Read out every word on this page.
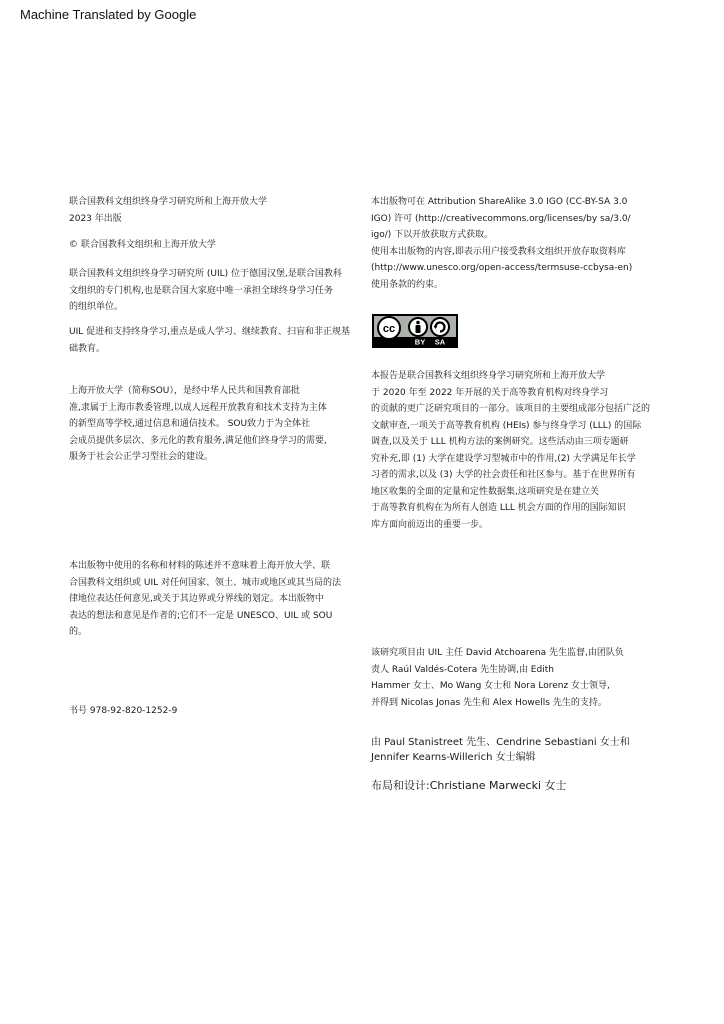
Machine Translated by Google
联合国教科文组织终身学习研究所和上海开放大学
2023 年出版
© 联合国教科文组织和上海开放大学
联合国教科文组织终身学习研究所 (UIL) 位于德国汉堡,是联合国教科
文组织的专门机构,也是联合国大家庭中唯一承担全球终身学习任务
的组织单位。
UIL 促进和支持终身学习,重点是成人学习、继续教育、扫盲和非正规基
础教育。
上海开放大学（简称SOU），是经中华人民共和国教育部批
准,隶属于上海市教委管理,以成人远程开放教育和技术支持为主体
的新型高等学校,通过信息和通信技术。 SOU致力于为全体社
会成员提供多层次、多元化的教育服务,满足他们终身学习的需要,
服务于社会公正学习型社会的建设。
本出版物中使用的名称和材料的陈述并不意味着上海开放大学、联
合国教科文组织或 UIL 对任何国家、领土、城市或地区或其当局的法
律地位表达任何意见,或关于其边界或分界线的划定。本出版物中
表达的想法和意见是作者的;它们不一定是 UNESCO、UIL 或 SOU
的。
书号 978-92-820-1252-9
本出版物可在 Attribution ShareAlike 3.0 IGO (CC-BY-SA 3.0
IGO) 许可 (http://creativecommons.org/licenses/by sa/3.0/
igo/) 下以开放获取方式获取。
使用本出版物的内容,即表示用户接受教科文组织开放存取资料库
(http://www.unesco.org/open-access/termsuse-ccbysa-en)
使用条款的约束。
cc
BY SA
本报告是联合国教科文组织终身学习研究所和上海开放大学
于 2020 年至 2022 年开展的关于高等教育机构对终身学习
的贡献的更广泛研究项目的一部分。该项目的主要组成部分包括广泛的
文献审查,一项关于高等教育机构 (HEIs) 参与终身学习 (LLL) 的国际
调查,以及关于 LLL 机构方法的案例研究。这些活动由三项专题研
究补充,即 (1) 大学在建设学习型城市中的作用,(2) 大学满足年长学
习者的需求,以及 (3) 大学的社会责任和社区参与。基于在世界所有
地区收集的全面的定量和定性数据集,这项研究是在建立关
于高等教育机构在为所有人创造 LLL 机会方面的作用的国际知识
库方面向前迈出的重要一步。
该研究项目由 UIL 主任 David Atchoarena 先生监督,由团队负
责人 Raúl Valdés-Cotera 先生协调,由 Edith
Hammer 女士、Mo Wang 女士和 Nora Lorenz 女士领导,
并得到 Nicolas Jonas 先生和 Alex Howells 先生的支持。
由 Paul Stanistreet 先生、Cendrine Sebastiani 女士和
Jennifer Kearns-Willerich 女士编辑
布局和设计:Christiane Marwecki 女士
